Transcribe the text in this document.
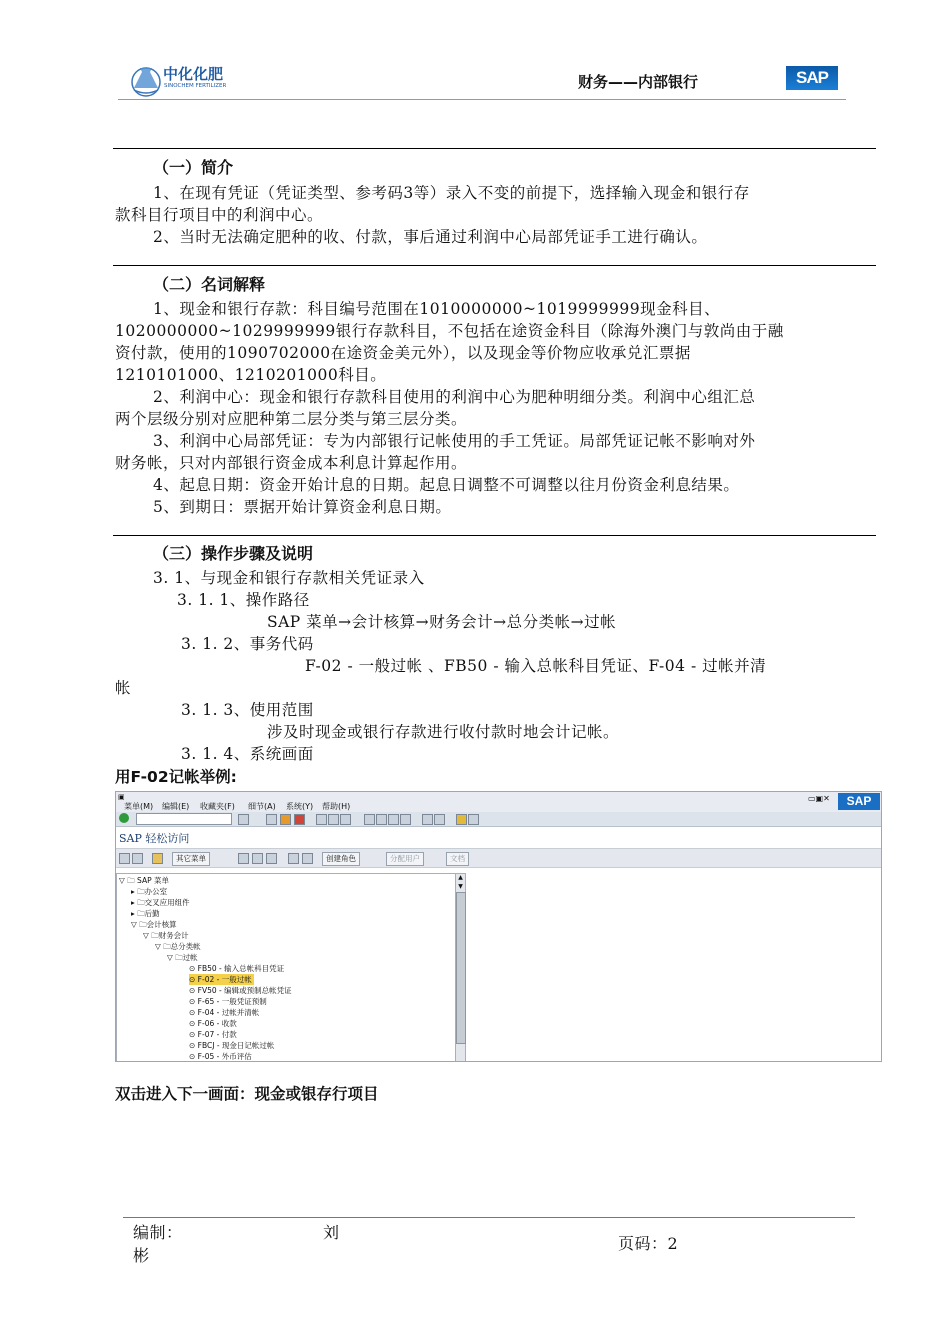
中化化肥
SINOCHEM FERTILIZER	财务——内部银行	SAP
（一）简介
1、在现有凭证（凭证类型、参考码3等）录入不变的前提下，选择输入现金和银行存
款科目行项目中的利润中心。
2、当时无法确定肥种的收、付款，事后通过利润中心局部凭证手工进行确认。
（二）名词解释
1、现金和银行存款：科目编号范围在1010000000~1019999999现金科目、
1020000000~1029999999银行存款科目，不包括在途资金科目（除海外澳门与敦尚由于融
资付款，使用的1090702000在途资金美元外），以及现金等价物应收承兑汇票据
1210101000、1210201000科目。
2、利润中心：现金和银行存款科目使用的利润中心为肥种明细分类。利润中心组汇总
两个层级分别对应肥种第二层分类与第三层分类。
3、利润中心局部凭证：专为内部银行记帐使用的手工凭证。局部凭证记帐不影响对外
财务帐，只对内部银行资金成本利息计算起作用。
4、起息日期：资金开始计息的日期。起息日调整不可调整以往月份资金利息结果。
5、到期日：票据开始计算资金利息日期。
（三）操作步骤及说明
3. 1、与现金和银行存款相关凭证录入
3. 1. 1、操作路径
SAP 菜单→会计核算→财务会计→总分类帐→过帐
3. 1. 2、事务代码
F-02 - 一般过帐 、FB50 - 输入总帐科目凭证、F-04 - 过帐并清
帐
3. 1. 3、使用范围
涉及时现金或银行存款进行收付款时地会计记帐。
3. 1. 4、系统画面
用F-02记帐举例:
▣
菜单(M) 编辑(E) 收藏夹(F) 细节(A) 系统(Y) 帮助(H)
▭▣✕	SAP
SAP 轻松访问
其它菜单	创建角色	分配用户	文档
▽ 🗀 SAP 菜单
▸ 🗀办公室
▸ 🗀交叉应用组件
▸ 🗀后勤
▽ 🗀会计核算
▽ 🗀财务会计
▽ 🗀总分类帐
▽ 🗀过帐
⊙ FB50 - 输入总帐科目凭证
⊙ F-02 - 一般过帐
⊙ FV50 - 编辑或预制总帐凭证
⊙ F-65 - 一般凭证预制
⊙ F-04 - 过帐并清帐
⊙ F-06 - 收款
⊙ F-07 - 付款
⊙ FBCJ - 现金日记帐过帐
⊙ F-05 - 外币评估
▲
▼
双击进入下一画面：现金或银存行项目
编制：	刘
彬
页码：2
